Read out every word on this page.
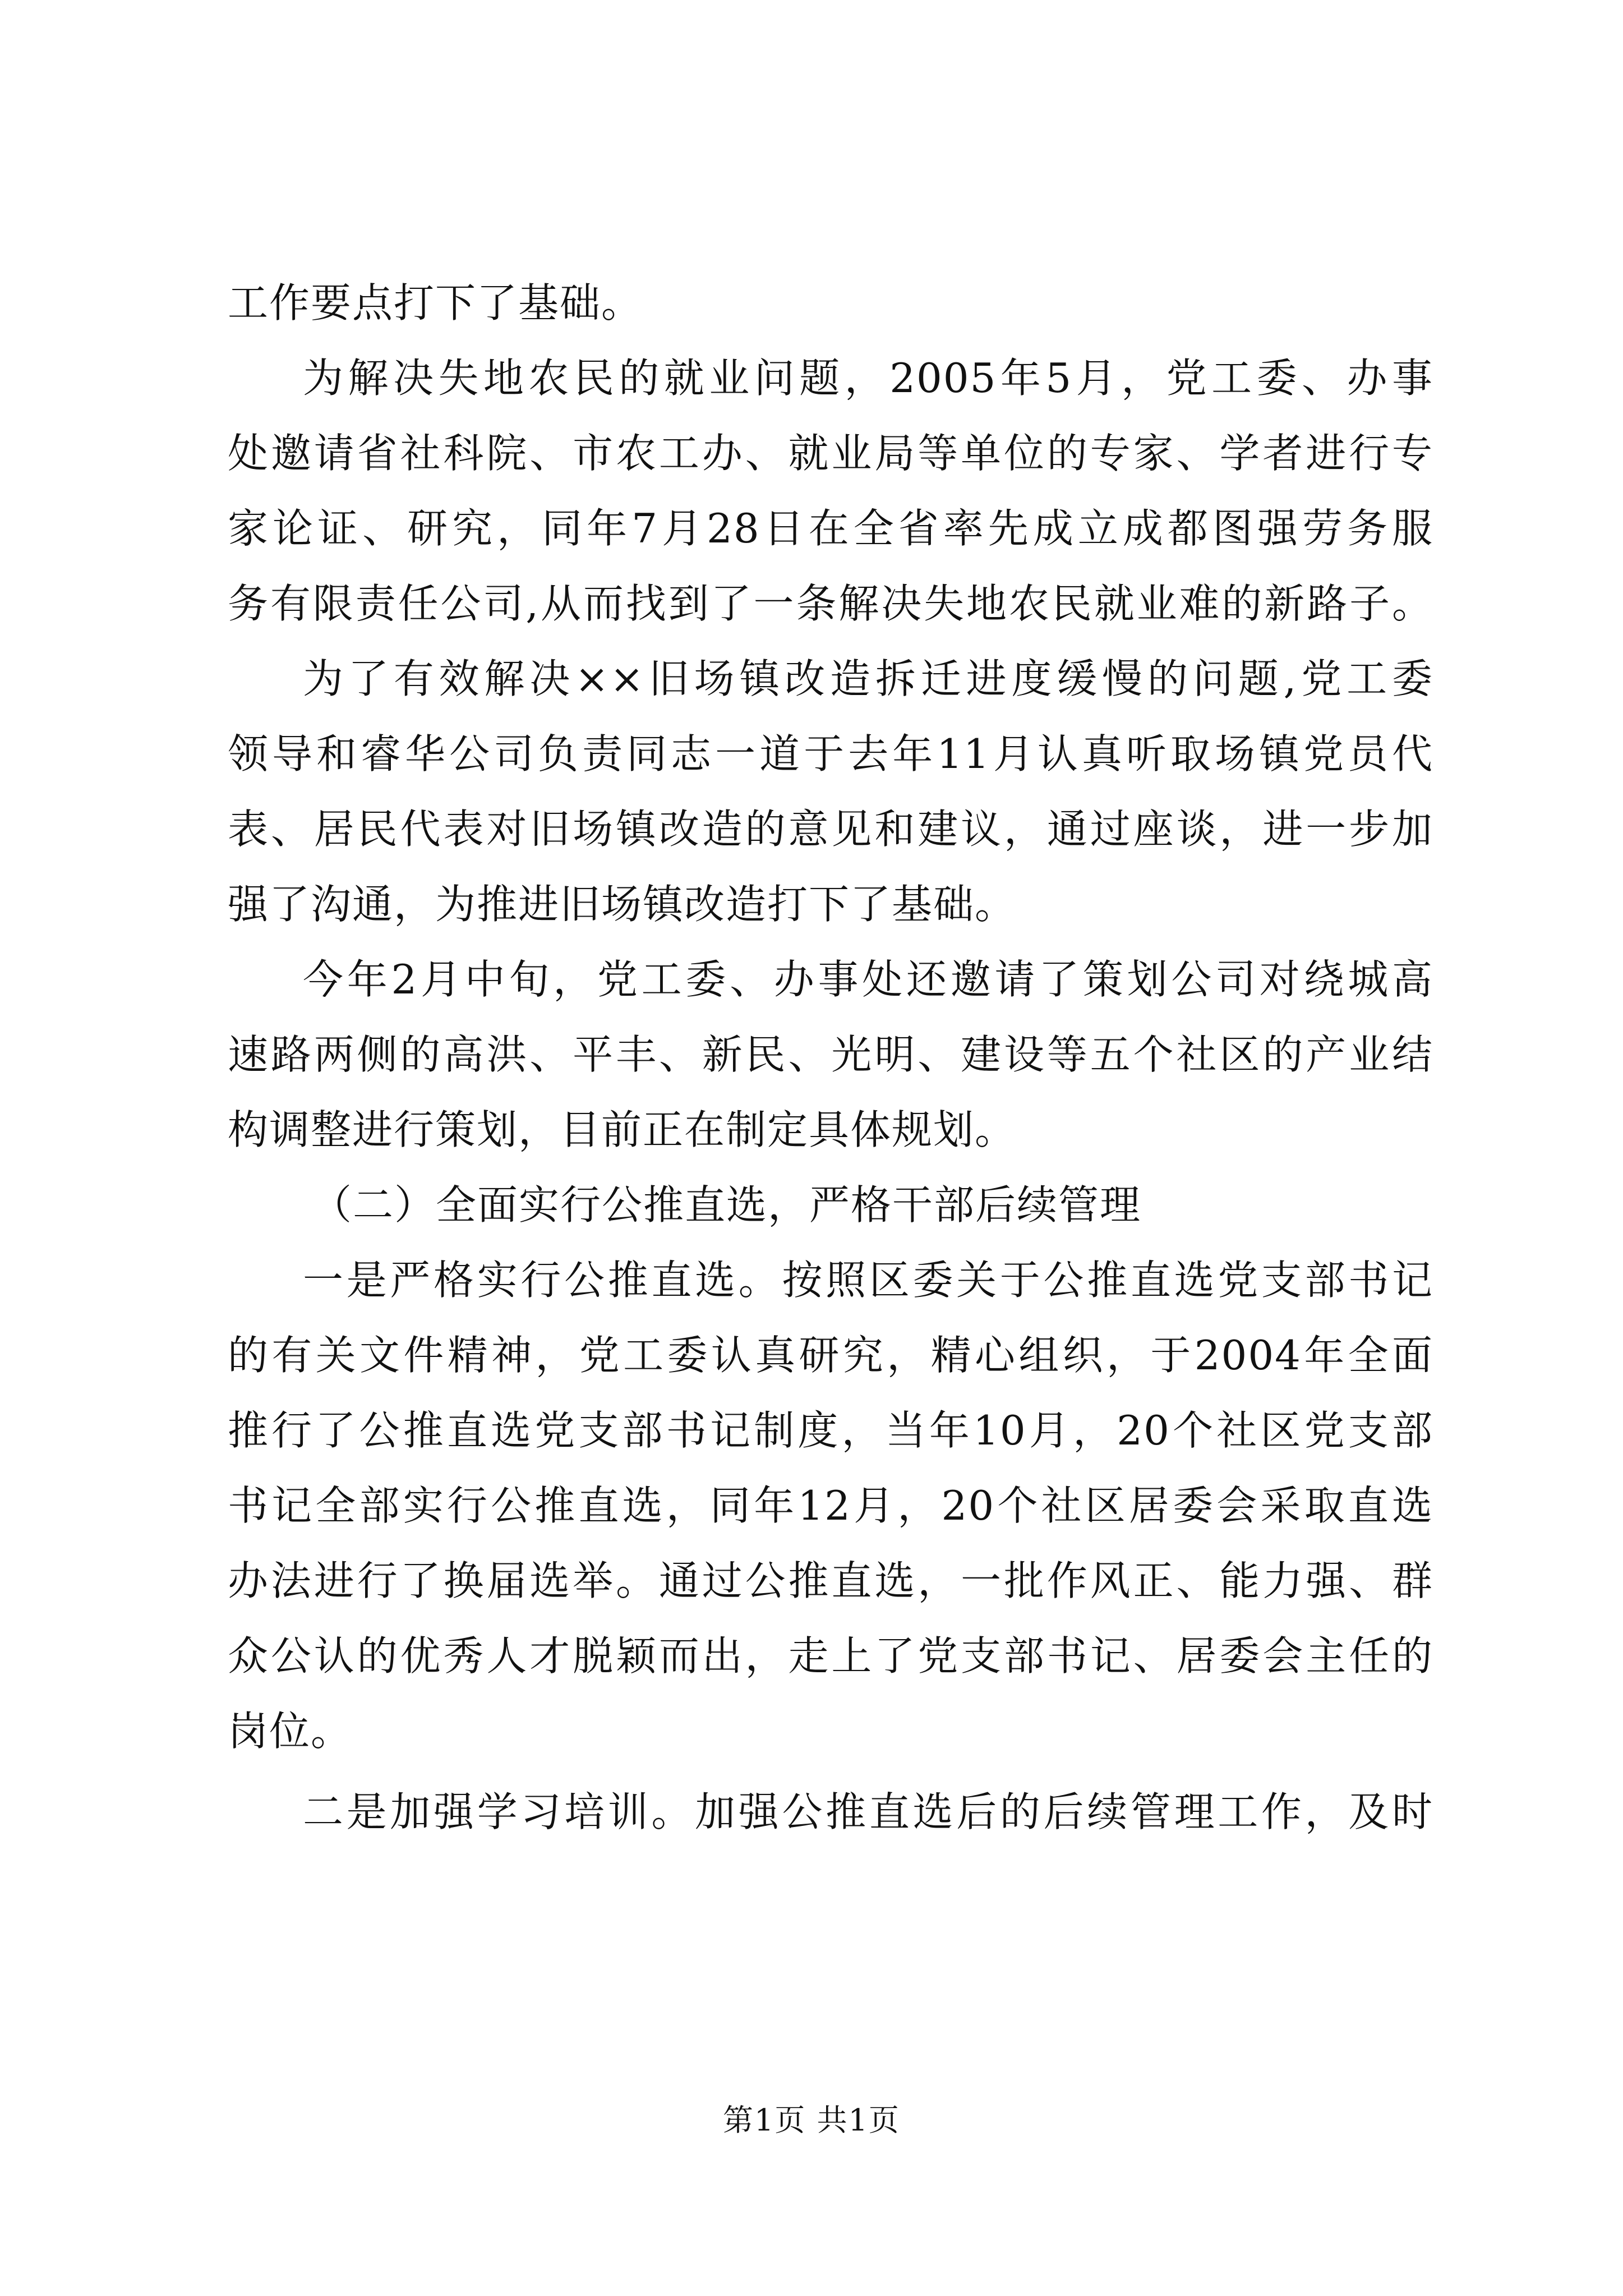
工作要点打下了基础。
为解决失地农民的就业问题，2005年5月，党工委、办事
处邀请省社科院、市农工办、就业局等单位的专家、学者进行专
家论证、研究，同年7月28日在全省率先成立成都图强劳务服
务有限责任公司,从而找到了一条解决失地农民就业难的新路子。
为了有效解决××旧场镇改造拆迁进度缓慢的问题,党工委
领导和睿华公司负责同志一道于去年11月认真听取场镇党员代
表、居民代表对旧场镇改造的意见和建议，通过座谈，进一步加
强了沟通，为推进旧场镇改造打下了基础。
今年2月中旬，党工委、办事处还邀请了策划公司对绕城高
速路两侧的高洪、平丰、新民、光明、建设等五个社区的产业结
构调整进行策划，目前正在制定具体规划。
（二）全面实行公推直选，严格干部后续管理
一是严格实行公推直选。按照区委关于公推直选党支部书记
的有关文件精神，党工委认真研究，精心组织，于2004年全面
推行了公推直选党支部书记制度，当年10月，20个社区党支部
书记全部实行公推直选，同年12月，20个社区居委会采取直选
办法进行了换届选举。通过公推直选，一批作风正、能力强、群
众公认的优秀人才脱颖而出，走上了党支部书记、居委会主任的
岗位。
二是加强学习培训。加强公推直选后的后续管理工作，及时
第1页 共1页
